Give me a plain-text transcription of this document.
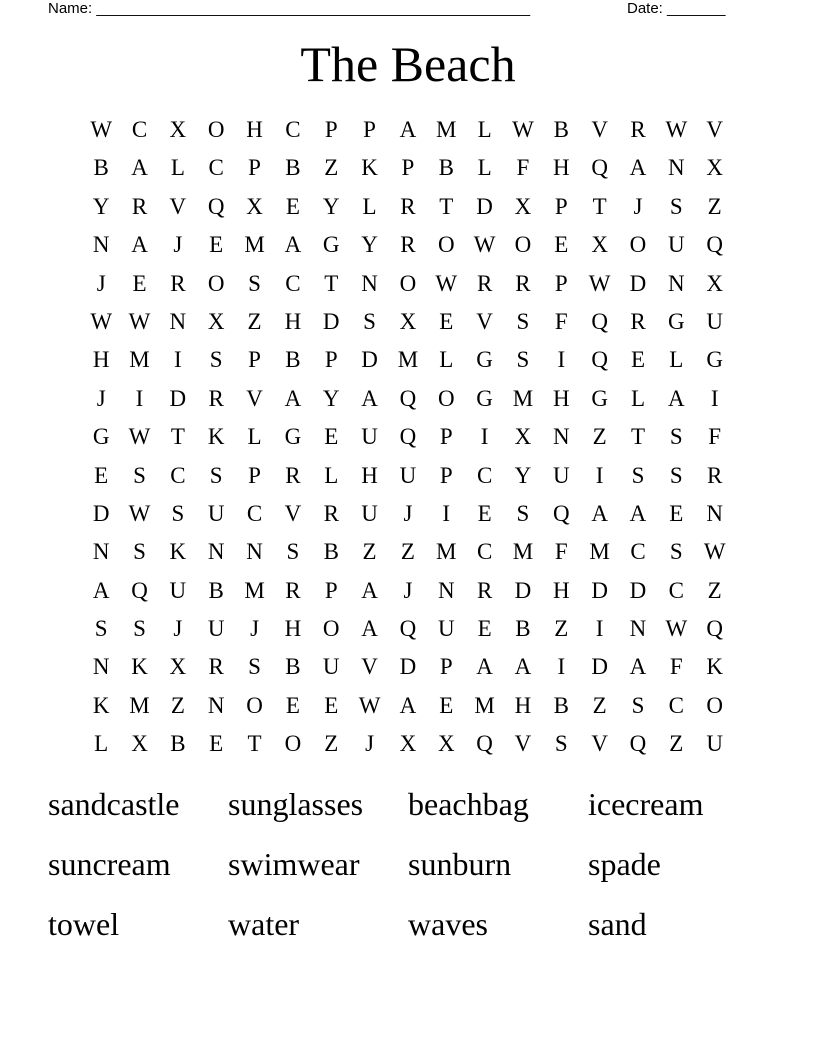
Name: ____________________________________________________	Date: _______
The Beach
W C X O H C	P	P	A M L W B V R W V
B A	L	C	P	B	Z	K	P	B	L	F	H Q A N X
Y R V Q X	E	Y	L	R	T	D X	P	T	J	S	Z
N A	J	E M A G Y R O W O	E	X O U Q
J	E	R O	S	C	T	N O W R	R	P W D N X
W W N X	Z	H D	S	X	E	V	S	F	Q R G U
H M	I	S	P	B	P	D M L	G	S	I	Q	E	L	G
J	I	D R V A Y A Q O G M H G	L	A	I
G W T	K	L	G	E	U Q	P	I	X N	Z	T	S	F
E	S	C	S	P	R	L	H U	P	C Y U	I	S	S	R
D W S	U C V R U	J	I	E	S	Q A A	E	N
N	S	K N N	S	B	Z	Z M C M F M C	S W
A Q U B M R	P	A	J	N R D H D D C	Z
S	S	J	U	J	H O A Q U	E	B	Z	I	N W Q
N K X R	S	B U V D	P	A A	I	D A	F	K
K M Z	N O	E	E W A	E M H B	Z	S	C O
L	X B	E	T	O	Z	J	X X Q V	S	V Q	Z	U
sandcastle	sunglasses	beachbag	icecream
suncream	swimwear	sunburn	spade
towel	water	waves	sand
